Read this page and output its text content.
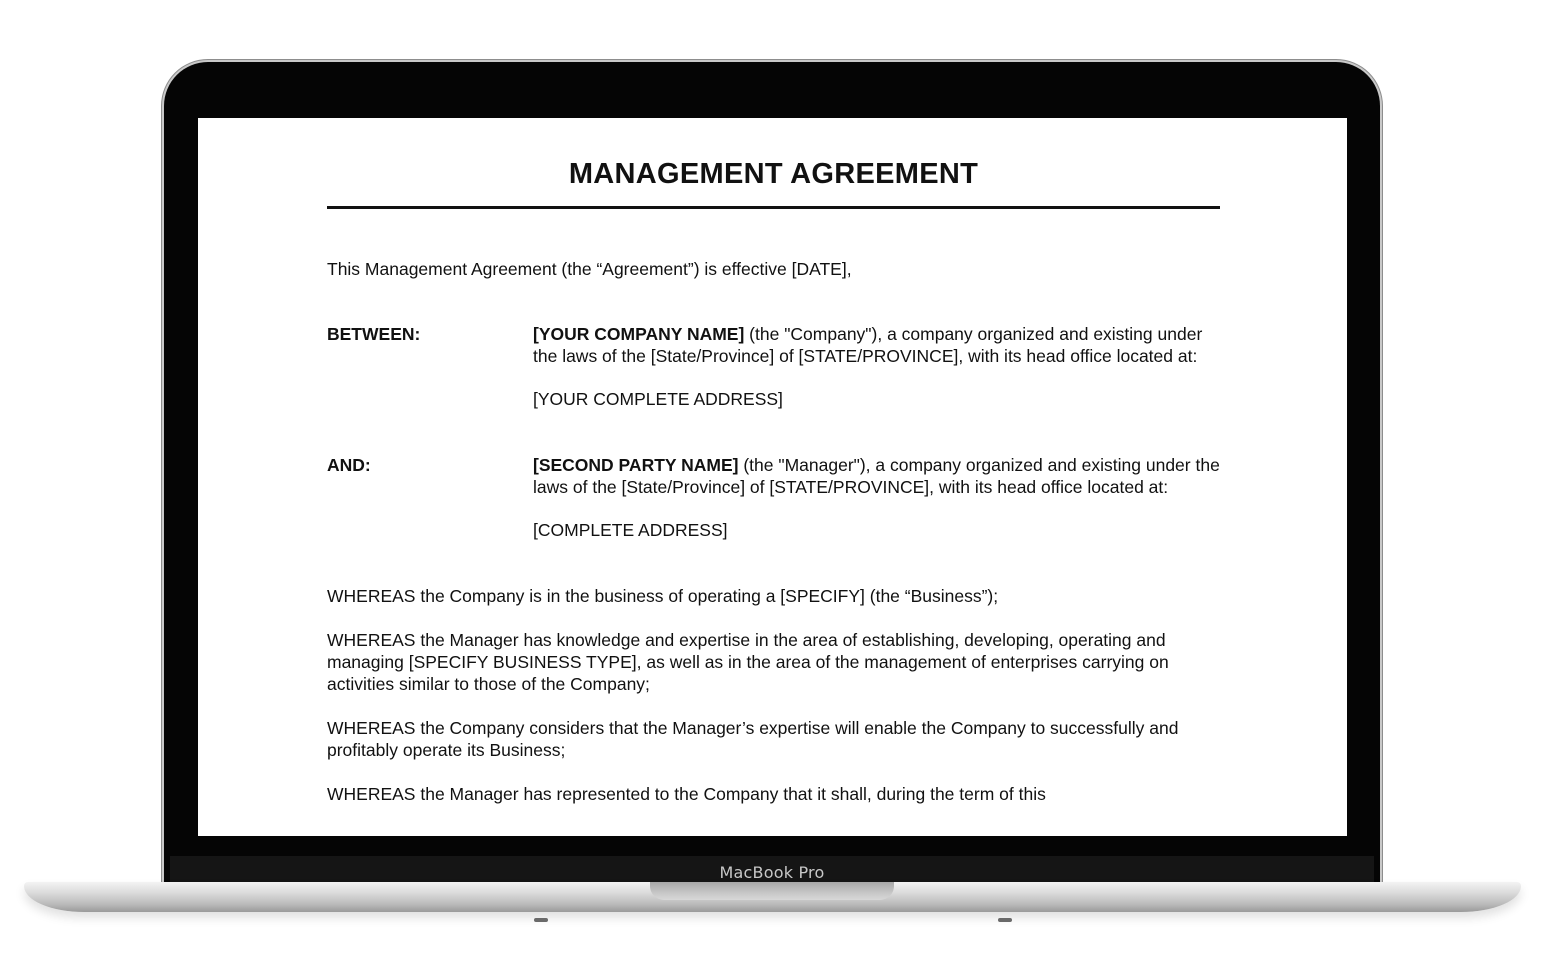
MANAGEMENT AGREEMENT

This Management Agreement (the “Agreement”) is effective [DATE],

BETWEEN:	[YOUR COMPANY NAME] (the "Company"), a company organized and existing under the laws of the [State/Province] of [STATE/PROVINCE], with its head office located at:

[YOUR COMPLETE ADDRESS]

AND:	[SECOND PARTY NAME] (the "Manager"), a company organized and existing under the laws of the [State/Province] of [STATE/PROVINCE], with its head office located at:

[COMPLETE ADDRESS]

WHEREAS the Company is in the business of operating a [SPECIFY] (the “Business”);

WHEREAS the Manager has knowledge and expertise in the area of establishing, developing, operating and managing [SPECIFY BUSINESS TYPE], as well as in the area of the management of enterprises carrying on activities similar to those of the Company;

WHEREAS the Company considers that the Manager’s expertise will enable the Company to successfully and profitably operate its Business;

WHEREAS the Manager has represented to the Company that it shall, during the term of this

MacBook Pro
